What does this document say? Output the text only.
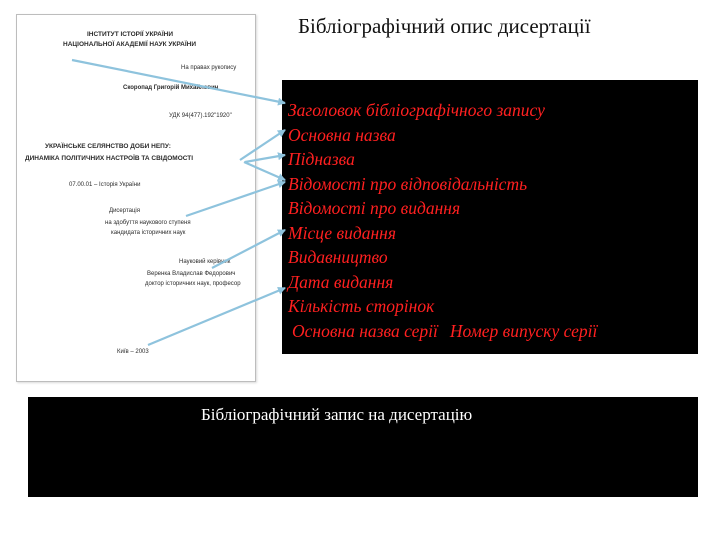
Бібліографічний опис дисертації
ІНСТИТУТ ІСТОРІЇ УКРАЇНИ
НАЦІОНАЛЬНОЇ АКАДЕМІЇ НАУК УКРАЇНИ
На правах рукопису
Скоропад Григорій Михайлович
УДК 94(477).192"1920"
УКРАЇНСЬКЕ СЕЛЯНСТВО ДОБИ НЕПУ:
ДИНАМІКА ПОЛІТИЧНИХ НАСТРОЇВ ТА СВІДОМОСТІ
07.00.01 – Історія України
Дисертація
на здобуття наукового ступеня
кандидата історичних наук
Науковий керівник
Веренка Владислав Федорович
доктор історичних наук, професор
Київ – 2003
Заголовок бібліографічного запису
Основна назва
Підназва
Відомості про відповідальність
Відомості про видання
Місце видання
Видавництво
Дата видання
Кількість сторінок
Основна назва серії Номер випуску серії
Бібліографічний запис на дисертацію
